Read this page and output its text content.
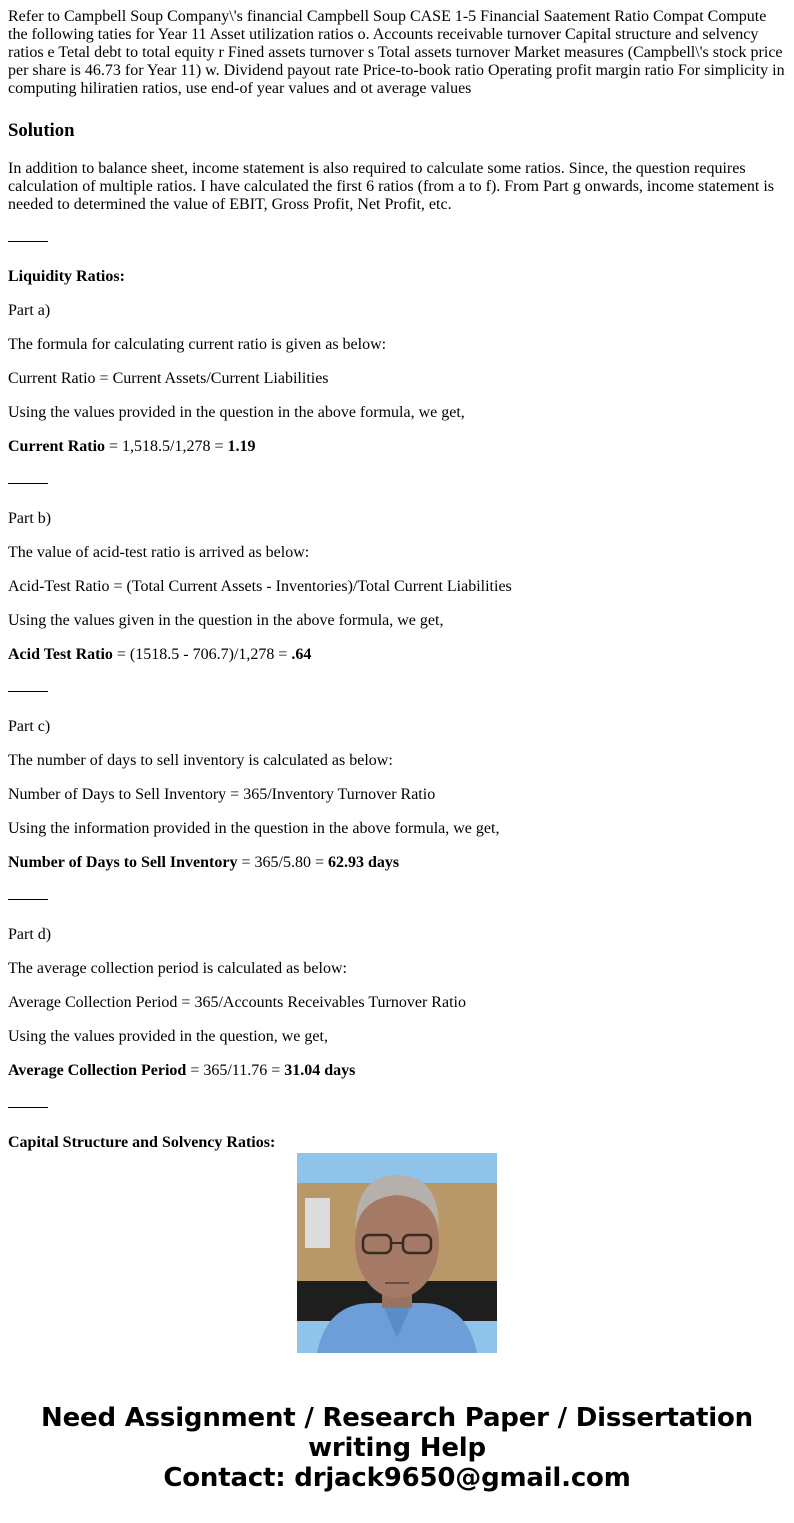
Refer to Campbell Soup Company\'s financial Campbell Soup CASE 1-5 Financial Saatement Ratio Compat Compute the following taties for Year 11 Asset utilization ratios o. Accounts receivable turnover Capital structure and selvency ratios e Tetal debt to total equity r Fined assets turnover s Total assets turnover Market measures (Campbell\'s stock price per share is 46.73 for Year 11) w. Dividend payout rate Price-to-book ratio Operating profit margin ratio For simplicity in computing hiliratien ratios, use end-of year values and ot average values

Solution

In addition to balance sheet, income statement is also required to calculate some ratios. Since, the question requires calculation of multiple ratios. I have calculated the first 6 ratios (from a to f). From Part g onwards, income statement is needed to determined the value of EBIT, Gross Profit, Net Profit, etc.

Liquidity Ratios:

Part a)

The formula for calculating current ratio is given as below:

Current Ratio = Current Assets/Current Liabilities

Using the values provided in the question in the above formula, we get,

Current Ratio = 1,518.5/1,278 = 1.19

Part b)

The value of acid-test ratio is arrived as below:

Acid-Test Ratio = (Total Current Assets - Inventories)/Total Current Liabilities

Using the values given in the question in the above formula, we get,

Acid Test Ratio = (1518.5 - 706.7)/1,278 = .64

Part c)

The number of days to sell inventory is calculated as below:

Number of Days to Sell Inventory = 365/Inventory Turnover Ratio

Using the information provided in the question in the above formula, we get,

Number of Days to Sell Inventory = 365/5.80 = 62.93 days

Part d)

The average collection period is calculated as below:

Average Collection Period = 365/Accounts Receivables Turnover Ratio

Using the values provided in the question, we get,

Average Collection Period = 365/11.76 = 31.04 days

Capital Structure and Solvency Ratios:

Need Assignment / Research Paper / Dissertation
writing Help
Contact: drjack9650@gmail.com
